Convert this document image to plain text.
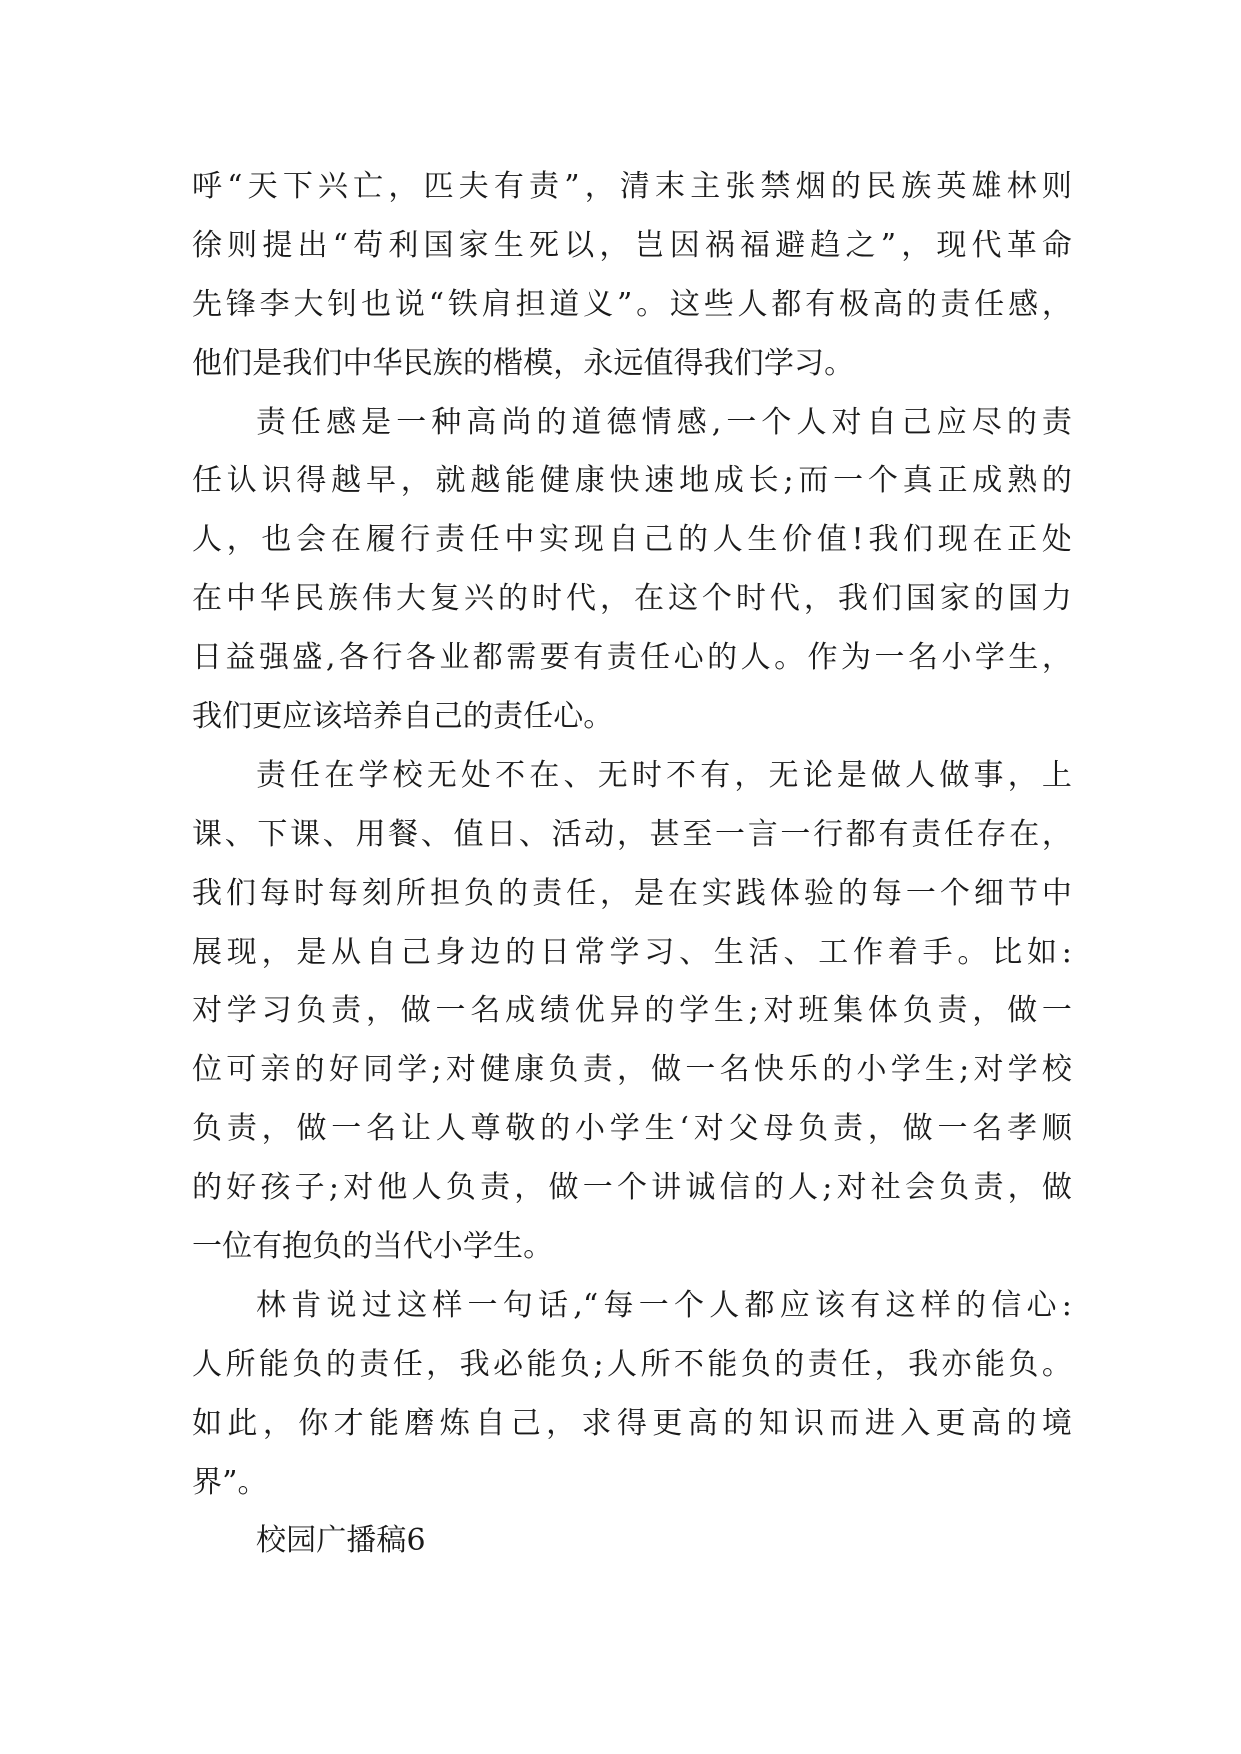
呼“天下兴亡，匹夫有责”，清末主张禁烟的民族英雄林则
徐则提出“苟利国家生死以，岂因祸福避趋之”，现代革命
先锋李大钊也说“铁肩担道义”。这些人都有极高的责任感，
他们是我们中华民族的楷模，永远值得我们学习。
责任感是一种高尚的道德情感,一个人对自己应尽的责
任认识得越早，就越能健康快速地成长;而一个真正成熟的
人，也会在履行责任中实现自己的人生价值!我们现在正处
在中华民族伟大复兴的时代，在这个时代，我们国家的国力
日益强盛,各行各业都需要有责任心的人。作为一名小学生，
我们更应该培养自己的责任心。
责任在学校无处不在、无时不有，无论是做人做事，上
课、下课、用餐、值日、活动，甚至一言一行都有责任存在，
我们每时每刻所担负的责任，是在实践体验的每一个细节中
展现，是从自己身边的日常学习、生活、工作着手。比如:
对学习负责，做一名成绩优异的学生;对班集体负责，做一
位可亲的好同学;对健康负责，做一名快乐的小学生;对学校
负责，做一名让人尊敬的小学生‘对父母负责，做一名孝顺
的好孩子;对他人负责，做一个讲诚信的人;对社会负责，做
一位有抱负的当代小学生。
林肯说过这样一句话,“每一个人都应该有这样的信心:
人所能负的责任，我必能负;人所不能负的责任，我亦能负。
如此，你才能磨炼自己，求得更高的知识而进入更高的境
界”。
校园广播稿6
